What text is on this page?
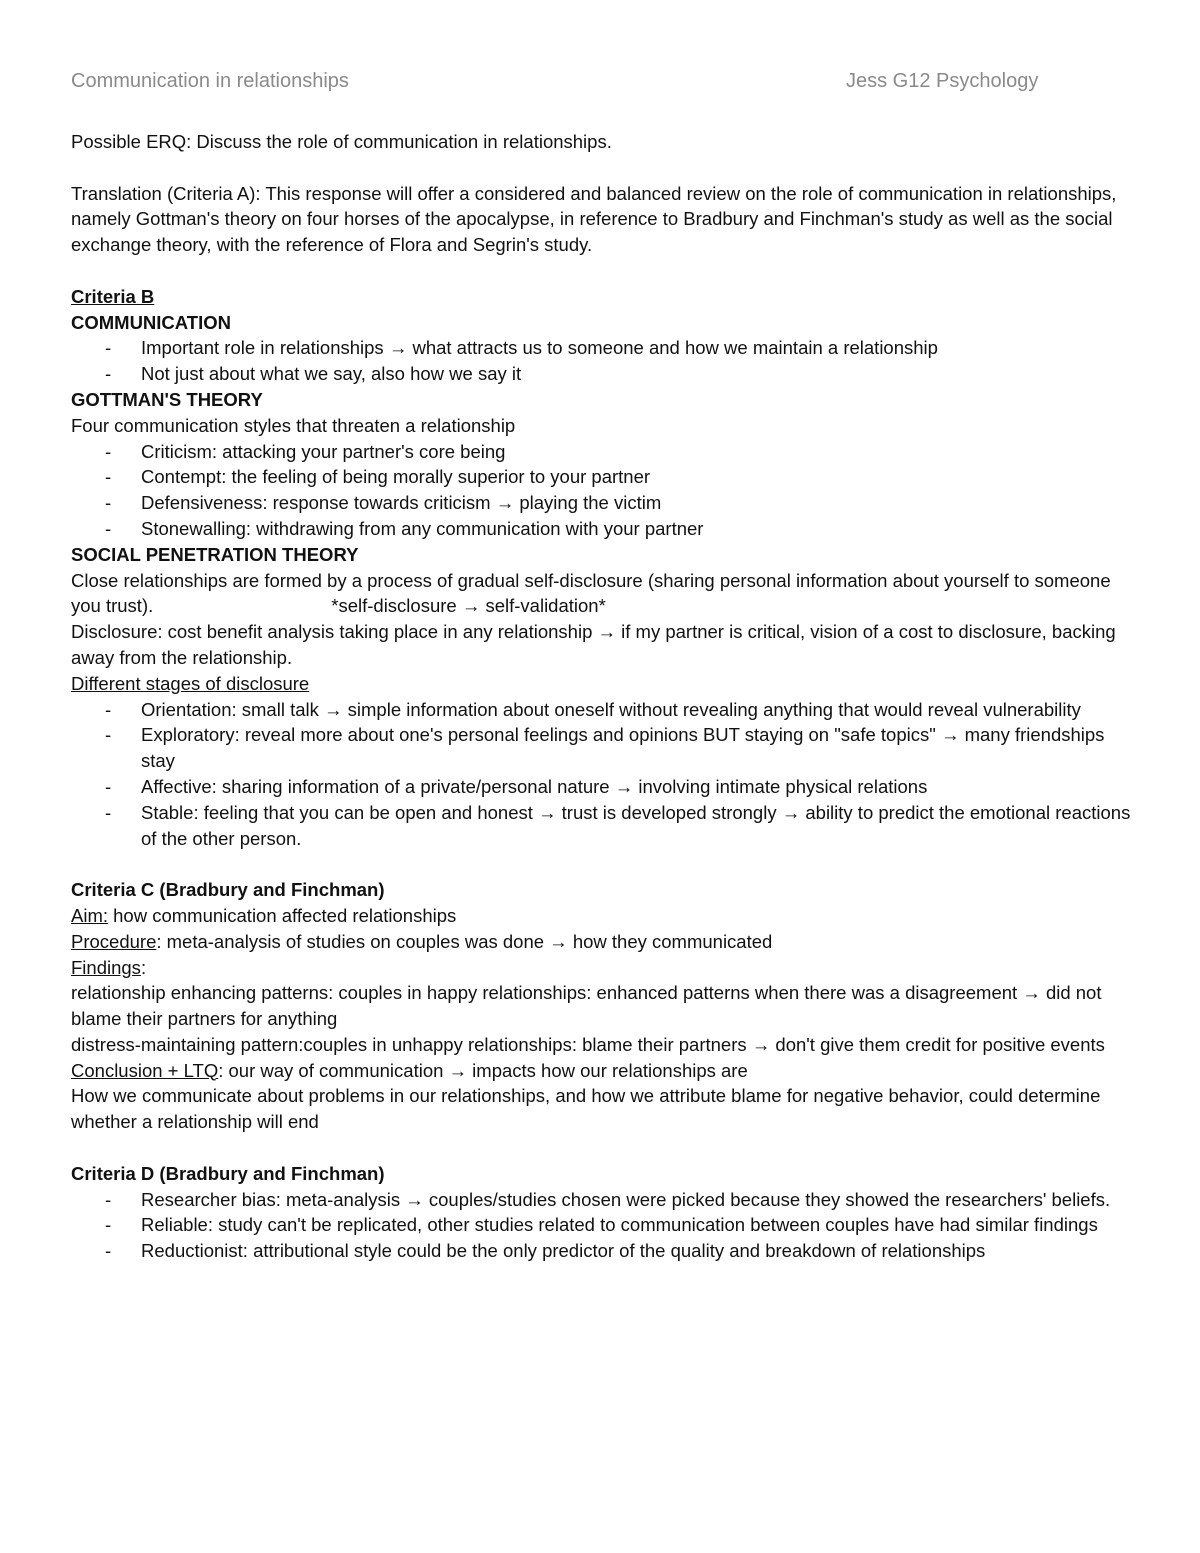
Communication in relationships	Jess G12 Psychology

Possible ERQ: Discuss the role of communication in relationships.

Translation (Criteria A): This response will offer a considered and balanced review on the role of communication in relationships, namely Gottman's theory on four horses of the apocalypse, in reference to Bradbury and Finchman's study as well as the social exchange theory, with the reference of Flora and Segrin's study.

Criteria B

COMMUNICATION

- Important role in relationships → what attracts us to someone and how we maintain a relationship
- Not just about what we say, also how we say it

GOTTMAN'S THEORY

Four communication styles that threaten a relationship

- Criticism: attacking your partner's core being
- Contempt: the feeling of being morally superior to your partner
- Defensiveness: response towards criticism → playing the victim
- Stonewalling: withdrawing from any communication with your partner

SOCIAL PENETRATION THEORY

Close relationships are formed by a process of gradual self-disclosure (sharing personal information about yourself to someone you trust).	*self-disclosure → self-validation*

Disclosure: cost benefit analysis taking place in any relationship → if my partner is critical, vision of a cost to disclosure, backing away from the relationship.

Different stages of disclosure

- Orientation: small talk → simple information about oneself without revealing anything that would reveal vulnerability
- Exploratory: reveal more about one's personal feelings and opinions BUT staying on "safe topics" → many friendships stay
- Affective: sharing information of a private/personal nature → involving intimate physical relations
- Stable: feeling that you can be open and honest → trust is developed strongly → ability to predict the emotional reactions of the other person.

Criteria C (Bradbury and Finchman)

Aim: how communication affected relationships

Procedure: meta-analysis of studies on couples was done → how they communicated

Findings:

relationship enhancing patterns: couples in happy relationships: enhanced patterns when there was a disagreement → did not blame their partners for anything

distress-maintaining pattern:couples in unhappy relationships: blame their partners → don't give them credit for positive events

Conclusion + LTQ: our way of communication → impacts how our relationships are

How we communicate about problems in our relationships, and how we attribute blame for negative behavior, could determine whether a relationship will end

Criteria D (Bradbury and Finchman)

- Researcher bias: meta-analysis → couples/studies chosen were picked because they showed the researchers' beliefs.
- Reliable: study can't be replicated, other studies related to communication between couples have had similar findings
- Reductionist: attributional style could be the only predictor of the quality and breakdown of relationships
